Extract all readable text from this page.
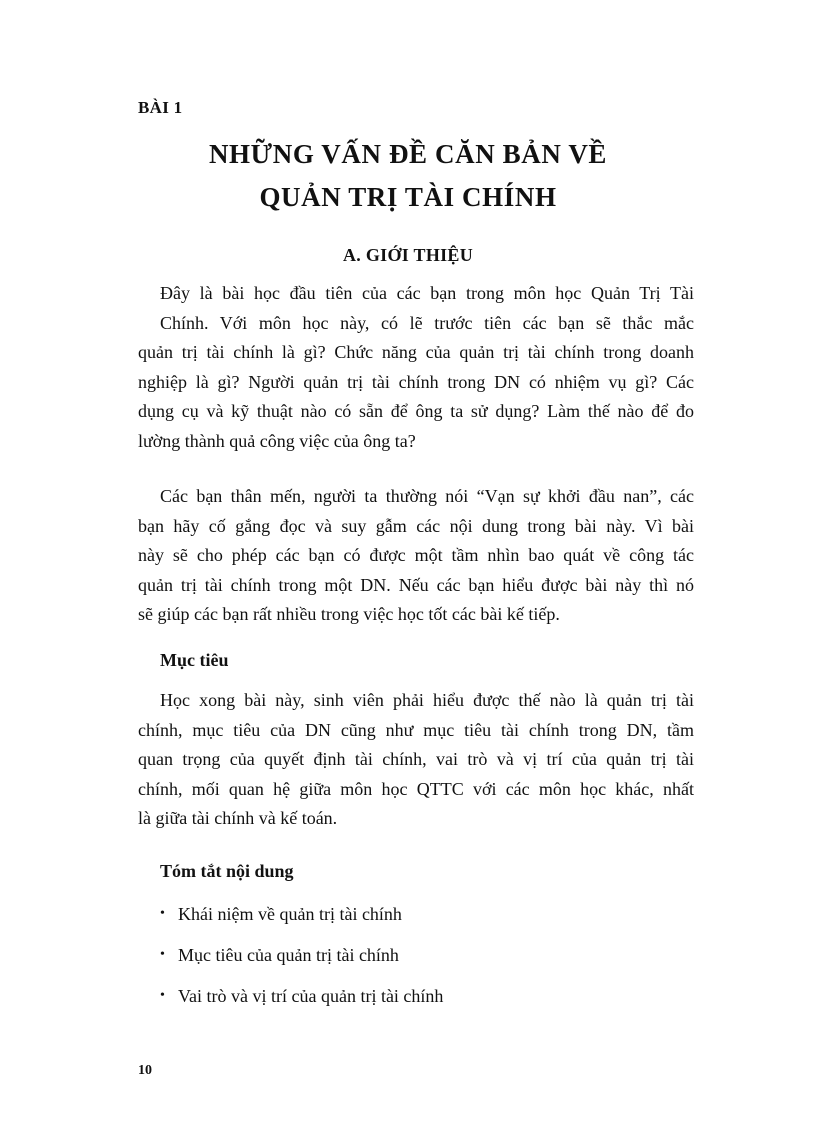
BÀI 1
NHỮNG VẤN ĐỀ CĂN BẢN VỀ
QUẢN TRỊ TÀI CHÍNH
A. GIỚI THIỆU
Đây là bài học đầu tiên của các bạn trong môn học Quản Trị Tài
Chính. Với môn học này, có lẽ trước tiên các bạn sẽ thắc mắc
quản trị tài chính là gì? Chức năng của quản trị tài chính trong doanh
nghiệp là gì? Người quản trị tài chính trong DN có nhiệm vụ gì? Các
dụng cụ và kỹ thuật nào có sẵn để ông ta sử dụng? Làm thế nào để đo
lường thành quả công việc của ông ta?
Các bạn thân mến, người ta thường nói “Vạn sự khởi đầu nan”, các
bạn hãy cố gắng đọc và suy gẫm các nội dung trong bài này. Vì bài
này sẽ cho phép các bạn có được một tầm nhìn bao quát về công tác
quản trị tài chính trong một DN. Nếu các bạn hiểu được bài này thì nó
sẽ giúp các bạn rất nhiều trong việc học tốt các bài kế tiếp.
Mục tiêu
Học xong bài này, sinh viên phải hiểu được thế nào là quản trị tài
chính, mục tiêu của DN cũng như mục tiêu tài chính trong DN, tầm
quan trọng của quyết định tài chính, vai trò và vị trí của quản trị tài
chính, mối quan hệ giữa môn học QTTC với các môn học khác, nhất
là giữa tài chính và kế toán.
Tóm tắt nội dung
• Khái niệm về quản trị tài chính
• Mục tiêu của quản trị tài chính
• Vai trò và vị trí của quản trị tài chính
10
